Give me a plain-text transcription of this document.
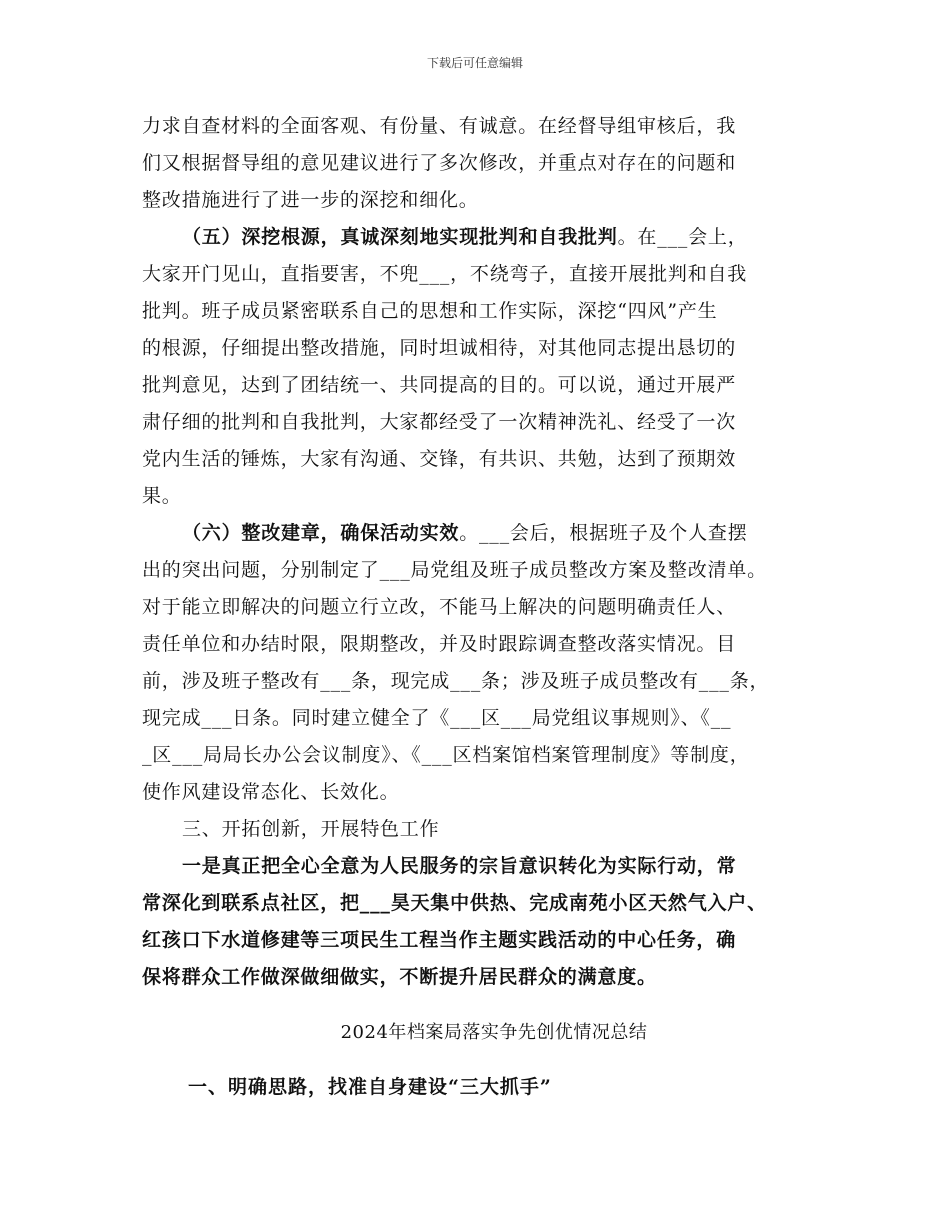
下载后可任意编辑
力求自查材料的全面客观、有份量、有诚意。在经督导组审核后，我
们又根据督导组的意见建议进行了多次修改，并重点对存在的问题和
整改措施进行了进一步的深挖和细化。
（五）深挖根源，真诚深刻地实现批判和自我批判。在___会上，
大家开门见山，直指要害，不兜___，不绕弯子，直接开展批判和自我
批判。班子成员紧密联系自己的思想和工作实际，深挖“四风”产生
的根源，仔细提出整改措施，同时坦诚相待，对其他同志提出恳切的
批判意见，达到了团结统一、共同提高的目的。可以说，通过开展严
肃仔细的批判和自我批判，大家都经受了一次精神洗礼、经受了一次
党内生活的锤炼，大家有沟通、交锋，有共识、共勉，达到了预期效
果。
（六）整改建章，确保活动实效。___会后，根据班子及个人查摆
出的突出问题，分别制定了___局党组及班子成员整改方案及整改清单。
对于能立即解决的问题立行立改，不能马上解决的问题明确责任人、
责任单位和办结时限，限期整改，并及时跟踪调查整改落实情况。目
前，涉及班子整改有___条，现完成___条；涉及班子成员整改有___条，
现完成___日条。同时建立健全了《___区___局党组议事规则》、《__
_区___局局长办公会议制度》、《___区档案馆档案管理制度》等制度，
使作风建设常态化、长效化。
三、开拓创新，开展特色工作
一是真正把全心全意为人民服务的宗旨意识转化为实际行动，常
常深化到联系点社区，把___昊天集中供热、完成南苑小区天然气入户、
红孩口下水道修建等三项民生工程当作主题实践活动的中心任务，确
保将群众工作做深做细做实，不断提升居民群众的满意度。
2024年档案局落实争先创优情况总结
一、明确思路，找准自身建设“三大抓手”
